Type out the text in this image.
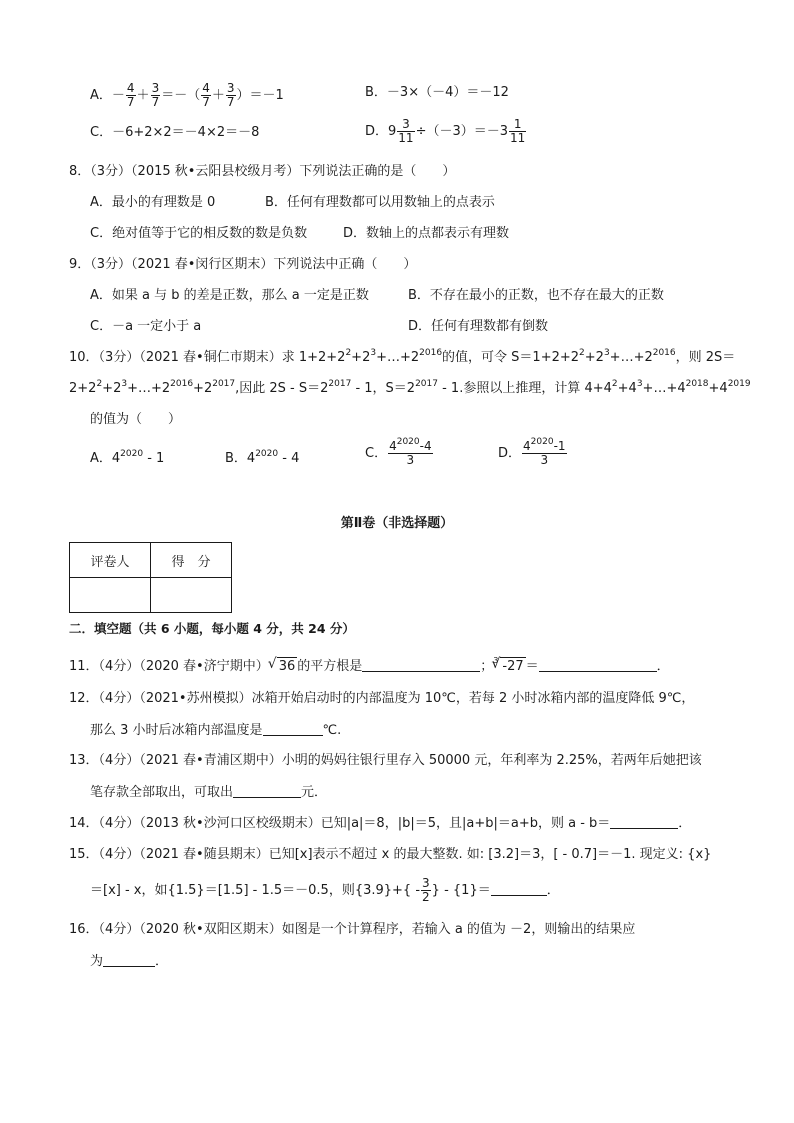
A．－ $\frac{4}{7} + \frac{3}{7}$ ＝－（ $\frac{4}{7} + \frac{3}{7} )=-1$	B．－3×（－4）＝－12
C．－6+2×2＝－4×2＝－8	D．$9 \frac{3}{11} \div(-3)=-3 \frac{1}{11}$
8．（3分）（2015 秋•云阳县校级月考）下列说法正确的是（　　）
A．最小的有理数是 0	B．任何有理数都可以用数轴上的点表示
C．绝对值等于它的相反数的数是负数	D．数轴上的点都表示有理数
9．（3分）（2021 春•闵行区期末）下列说法中正确（　　）
A．如果 a 与 b 的差是正数，那么 a 一定是正数	B．不存在最小的正数，也不存在最大的正数
C．－a 一定小于 a	D．任何有理数都有倒数
10．（3分）（2021 春•铜仁市期末）求 $1+2+2^2+2^3+\dots+2^{2016}$的值，可令 $S=1+2+2^2+2^3+\dots+2^{2016}$，则 2S＝
$2+2^2+2^3+\dots+2^{2016}+2^{2017}$,因此 $2S - S=2^{2017} - 1$，$S=2^{2017} - 1$.参照以上推理，计算 $4+4^2+4^3+\dots+4^{2018}+4^{2019}$
的值为（　　）
A．$4^{2020} - 1$	B．$4^{2020} - 4$	C． $\frac{4^{2020}-4}{3}$	D． $\frac{4^{2020}-1}{3}$
第Ⅱ卷（非选择题）
评卷人	得　分

二．填空题（共 6 小题，每小题 4 分，共 24 分）
11．（4分）（2020 春•济宁期中） √ 36 的平方根是	；$^3$ √ -27 ＝	．
12．（4分）（2021•苏州模拟）冰箱开始启动时的内部温度为 10℃，若每 2 小时冰箱内部的温度降低 9℃，
那么 3 小时后冰箱内部温度是	℃.
13．（4分）（2021 春•青浦区期中）小明的妈妈往银行里存入 50000 元，年利率为 2.25%，若两年后她把该
笔存款全部取出，可取出	元．
14．（4分）（2013 秋•沙河口区校级期末）已知|a|＝8，|b|＝5，且|a+b|＝a+b，则 a - b＝	．
15．（4分）（2021 春•随县期末）已知[x]表示不超过 x 的最大整数. 如: [3.2]＝3，[ - 0.7]＝－1. 现定义: {x}
＝[x] - x，如{1.5}＝[1.5] - 1.5＝－0.5，则$\{3.9\}+\{ - \frac{3}{2}$ } - {1}＝	．
16．（4分）（2020 秋•双阳区期末）如图是一个计算程序，若输入 a 的值为 －2，则输出的结果应
为	．
